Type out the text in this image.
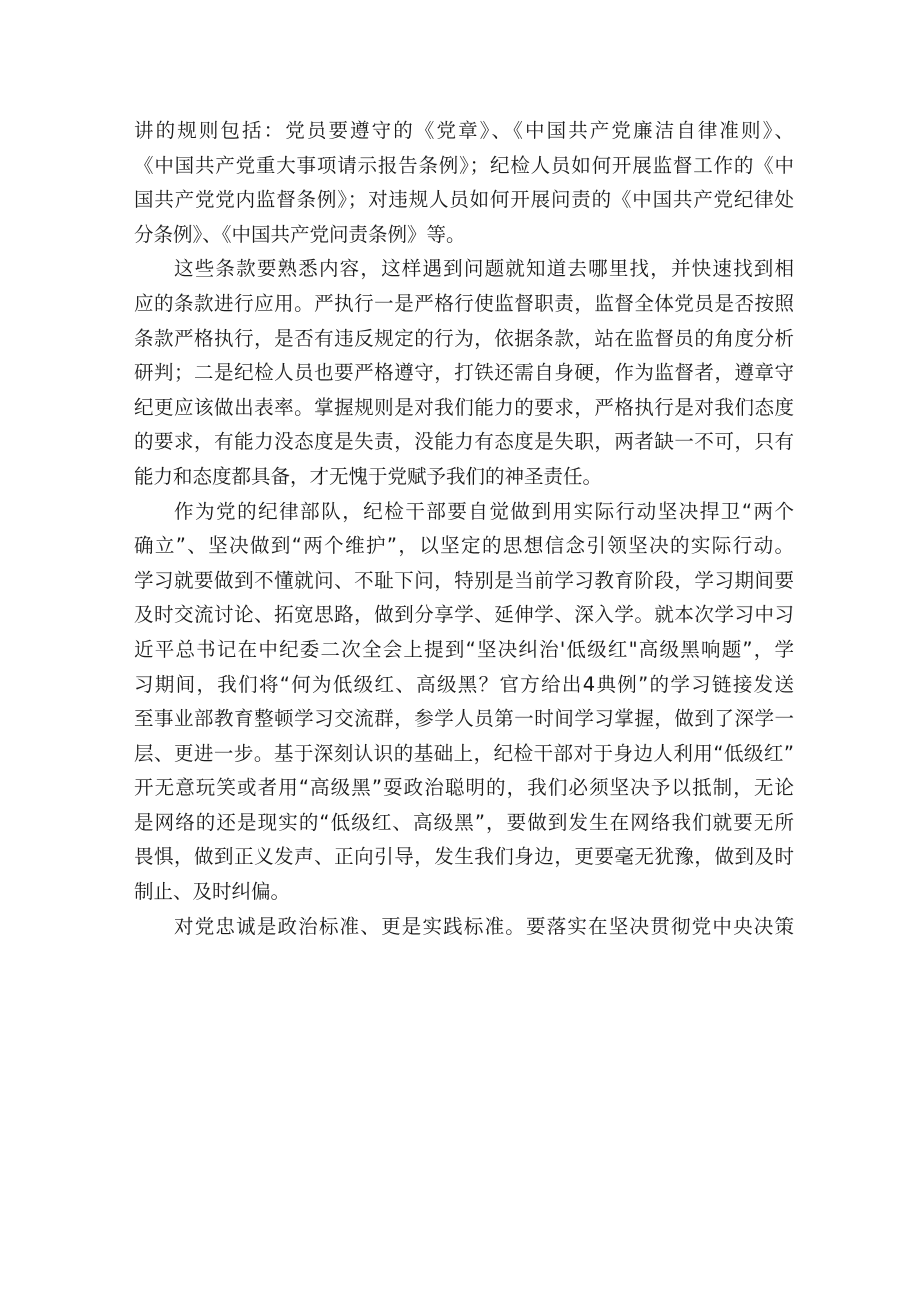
讲的规则包括：党员要遵守的《党章》、《中国共产党廉洁自律准则》、
《中国共产党重大事项请示报告条例》；纪检人员如何开展监督工作的《中
国共产党党内监督条例》；对违规人员如何开展问责的《中国共产党纪律处
分条例》、《中国共产党问责条例》等。

这些条款要熟悉内容，这样遇到问题就知道去哪里找，并快速找到相
应的条款进行应用。严执行一是严格行使监督职责，监督全体党员是否按照
条款严格执行，是否有违反规定的行为，依据条款，站在监督员的角度分析
研判；二是纪检人员也要严格遵守，打铁还需自身硬，作为监督者，遵章守
纪更应该做出表率。掌握规则是对我们能力的要求，严格执行是对我们态度
的要求，有能力没态度是失责，没能力有态度是失职，两者缺一不可，只有
能力和态度都具备，才无愧于党赋予我们的神圣责任。

作为党的纪律部队，纪检干部要自觉做到用实际行动坚决捍卫“两个
确立”、坚决做到“两个维护”，以坚定的思想信念引领坚决的实际行动。
学习就要做到不懂就问、不耻下问，特别是当前学习教育阶段，学习期间要
及时交流讨论、拓宽思路，做到分享学、延伸学、深入学。就本次学习中习
近平总书记在中纪委二次全会上提到“坚决纠治'低级红"高级黑响题”，学
习期间，我们将“何为低级红、高级黑？官方给出4典例”的学习链接发送
至事业部教育整顿学习交流群，参学人员第一时间学习掌握，做到了深学一
层、更进一步。基于深刻认识的基础上，纪检干部对于身边人利用“低级红”
开无意玩笑或者用“高级黑”耍政治聪明的，我们必须坚决予以抵制，无论
是网络的还是现实的“低级红、高级黑”，要做到发生在网络我们就要无所
畏惧，做到正义发声、正向引导，发生我们身边，更要毫无犹豫，做到及时
制止、及时纠偏。

对党忠诚是政治标准、更是实践标准。要落实在坚决贯彻党中央决策
